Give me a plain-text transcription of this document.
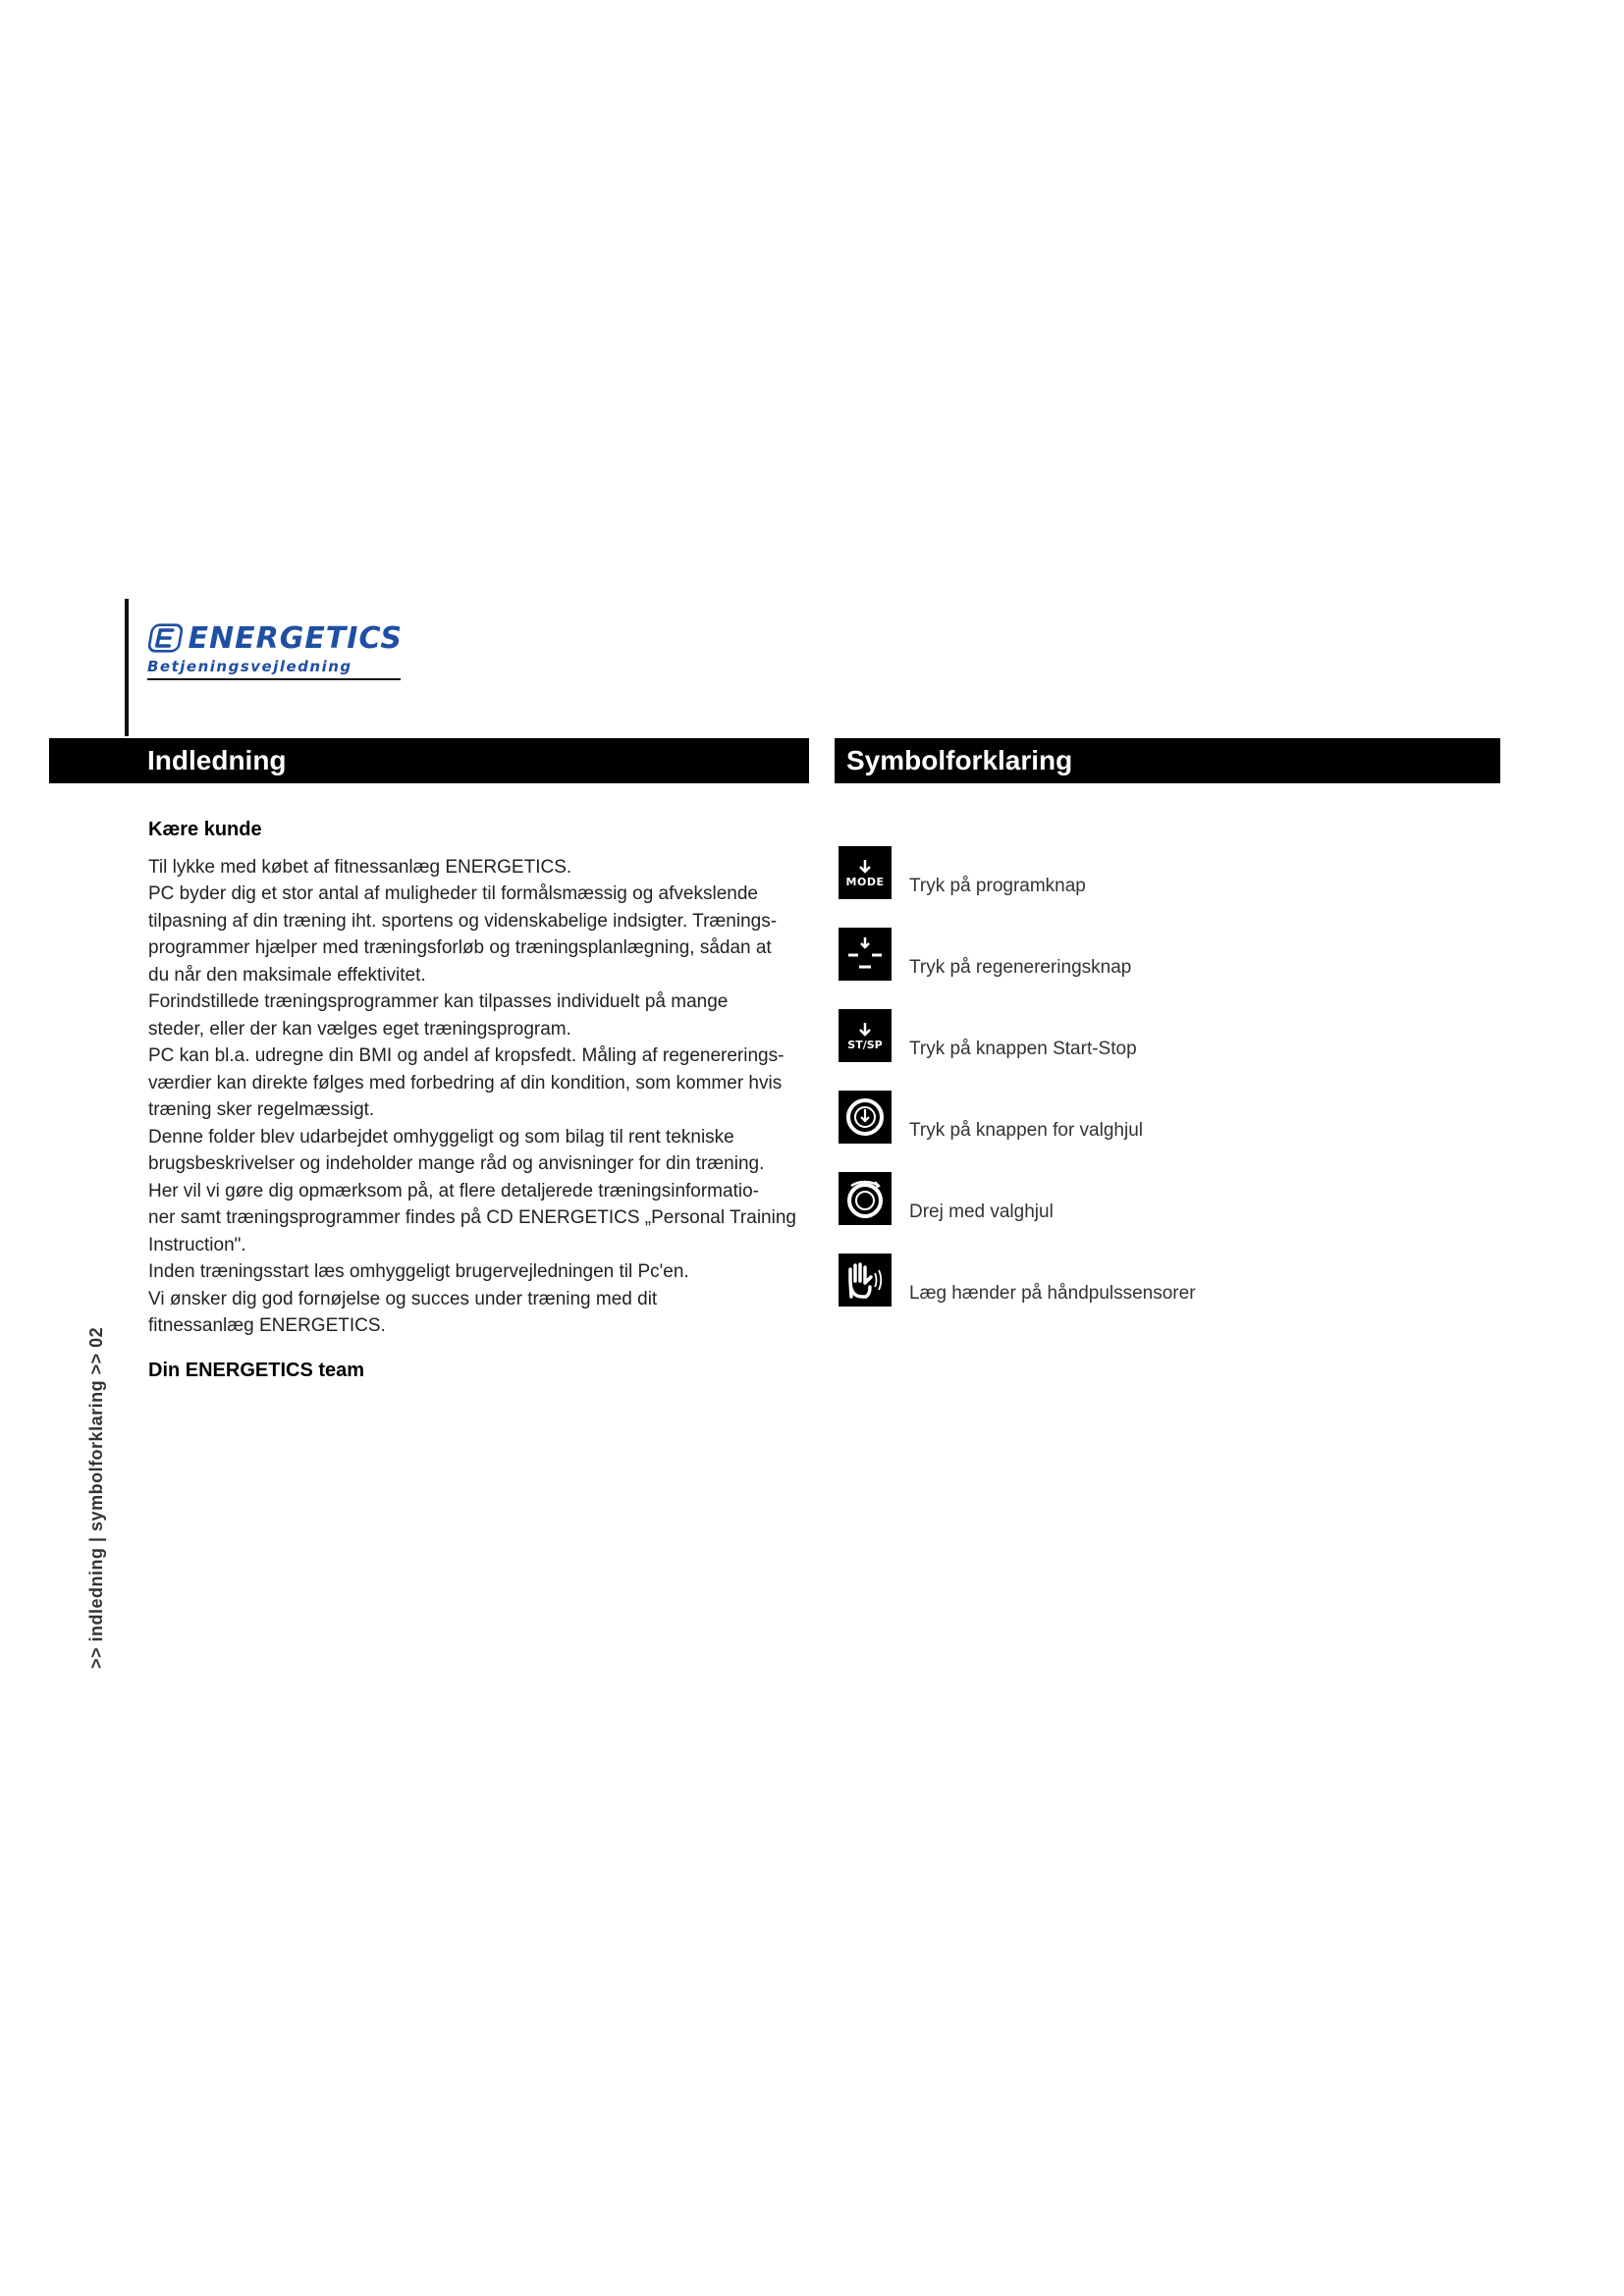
ENERGETICS
Betjeningsvejledning
Indledning	Symbolforklaring
Kære kunde

Til lykke med købet af fitnessanlæg ENERGETICS.

PC byder dig et stor antal af muligheder til formålsmæssig og afvekslende

tilpasning af din træning iht. sportens og videnskabelige indsigter. Trænings-

programmer hjælper med træningsforløb og træningsplanlægning, sådan at

du når den maksimale effektivitet.

Forindstillede træningsprogrammer kan tilpasses individuelt på mange

steder, eller der kan vælges eget træningsprogram.

PC kan bl.a. udregne din BMI og andel af kropsfedt. Måling af regenererings-

værdier kan direkte følges med forbedring af din kondition, som kommer hvis

træning sker regelmæssigt.

Denne folder blev udarbejdet omhyggeligt og som bilag til rent tekniske

brugsbeskrivelser og indeholder mange råd og anvisninger for din træning.

Her vil vi gøre dig opmærksom på, at flere detaljerede træningsinformatio-

ner samt træningsprogrammer findes på CD ENERGETICS „Personal Training

Instruction".

Inden træningsstart læs omhyggeligt brugervejledningen til Pc'en.

Vi ønsker dig god fornøjelse og succes under træning med dit

fitnessanlæg ENERGETICS.

Din ENERGETICS team
MODE Tryk på programknap
Tryk på regenereringsknap
ST/SP Tryk på knappen Start-Stop
Tryk på knappen for valghjul
Drej med valghjul
Læg hænder på håndpulssensorer
>> indledning | symbolforklaring >> 02
